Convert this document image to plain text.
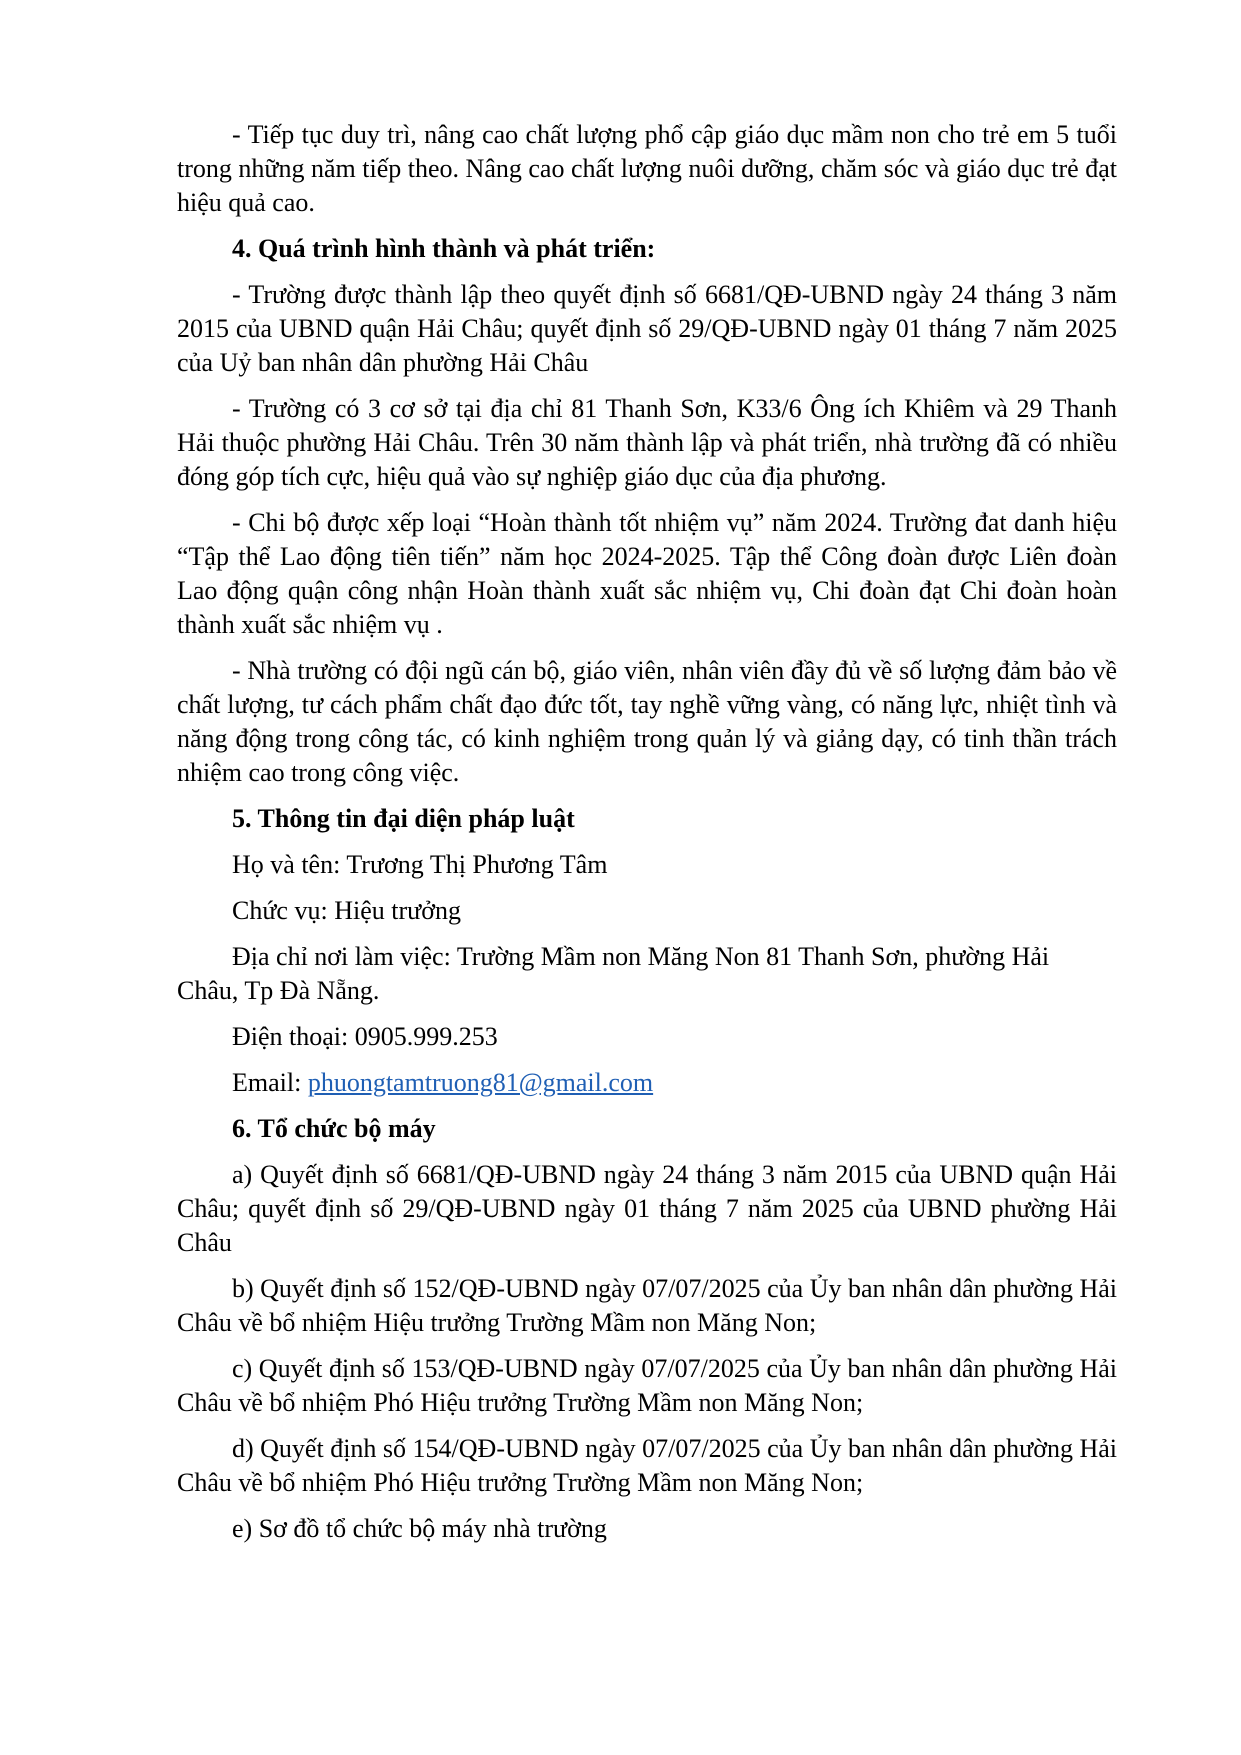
- Tiếp tục duy trì, nâng cao chất lượng phổ cập giáo dục mầm non cho trẻ em 5 tuổi trong những năm tiếp theo. Nâng cao chất lượng nuôi dưỡng, chăm sóc và giáo dục trẻ đạt hiệu quả cao.

4. Quá trình hình thành và phát triển:

- Trường được thành lập theo quyết định số 6681/QĐ-UBND ngày 24 tháng 3 năm 2015 của UBND quận Hải Châu; quyết định số 29/QĐ-UBND ngày 01 tháng 7 năm 2025 của Uỷ ban nhân dân phường Hải Châu

- Trường có 3 cơ sở tại địa chỉ 81 Thanh Sơn, K33/6 Ông ích Khiêm và 29 Thanh Hải thuộc phường Hải Châu. Trên 30 năm thành lập và phát triển, nhà trường đã có nhiều đóng góp tích cực, hiệu quả vào sự nghiệp giáo dục của địa phương.

- Chi bộ được xếp loại “Hoàn thành tốt nhiệm vụ” năm 2024. Trường đat danh hiệu “Tập thể Lao động tiên tiến” năm học 2024-2025. Tập thể Công đoàn được Liên đoàn Lao động quận công nhận Hoàn thành xuất sắc nhiệm vụ, Chi đoàn đạt Chi đoàn hoàn thành xuất sắc nhiệm vụ .

- Nhà trường có đội ngũ cán bộ, giáo viên, nhân viên đầy đủ về số lượng đảm bảo về chất lượng, tư cách phẩm chất đạo đức tốt, tay nghề vững vàng, có năng lực, nhiệt tình và năng động trong công tác, có kinh nghiệm trong quản lý và giảng dạy, có tinh thần trách nhiệm cao trong công việc.

5. Thông tin đại diện pháp luật

Họ và tên: Trương Thị Phương Tâm

Chức vụ: Hiệu trưởng

Địa chỉ nơi làm việc: Trường Mầm non Măng Non 81 Thanh Sơn, phường Hải Châu, Tp Đà Nẵng.

Điện thoại: 0905.999.253

Email: phuongtamtruong81@gmail.com

6. Tổ chức bộ máy

a) Quyết định số 6681/QĐ-UBND ngày 24 tháng 3 năm 2015 của UBND quận Hải Châu; quyết định số 29/QĐ-UBND ngày 01 tháng 7 năm 2025 của UBND phường Hải Châu

b) Quyết định số 152/QĐ-UBND ngày 07/07/2025 của Ủy ban nhân dân phường Hải Châu về bổ nhiệm Hiệu trưởng Trường Mầm non Măng Non;

c) Quyết định số 153/QĐ-UBND ngày 07/07/2025 của Ủy ban nhân dân phường Hải Châu về bổ nhiệm Phó Hiệu trưởng Trường Mầm non Măng Non;

d) Quyết định số 154/QĐ-UBND ngày 07/07/2025 của Ủy ban nhân dân phường Hải Châu về bổ nhiệm Phó Hiệu trưởng Trường Mầm non Măng Non;

e) Sơ đồ tổ chức bộ máy nhà trường
